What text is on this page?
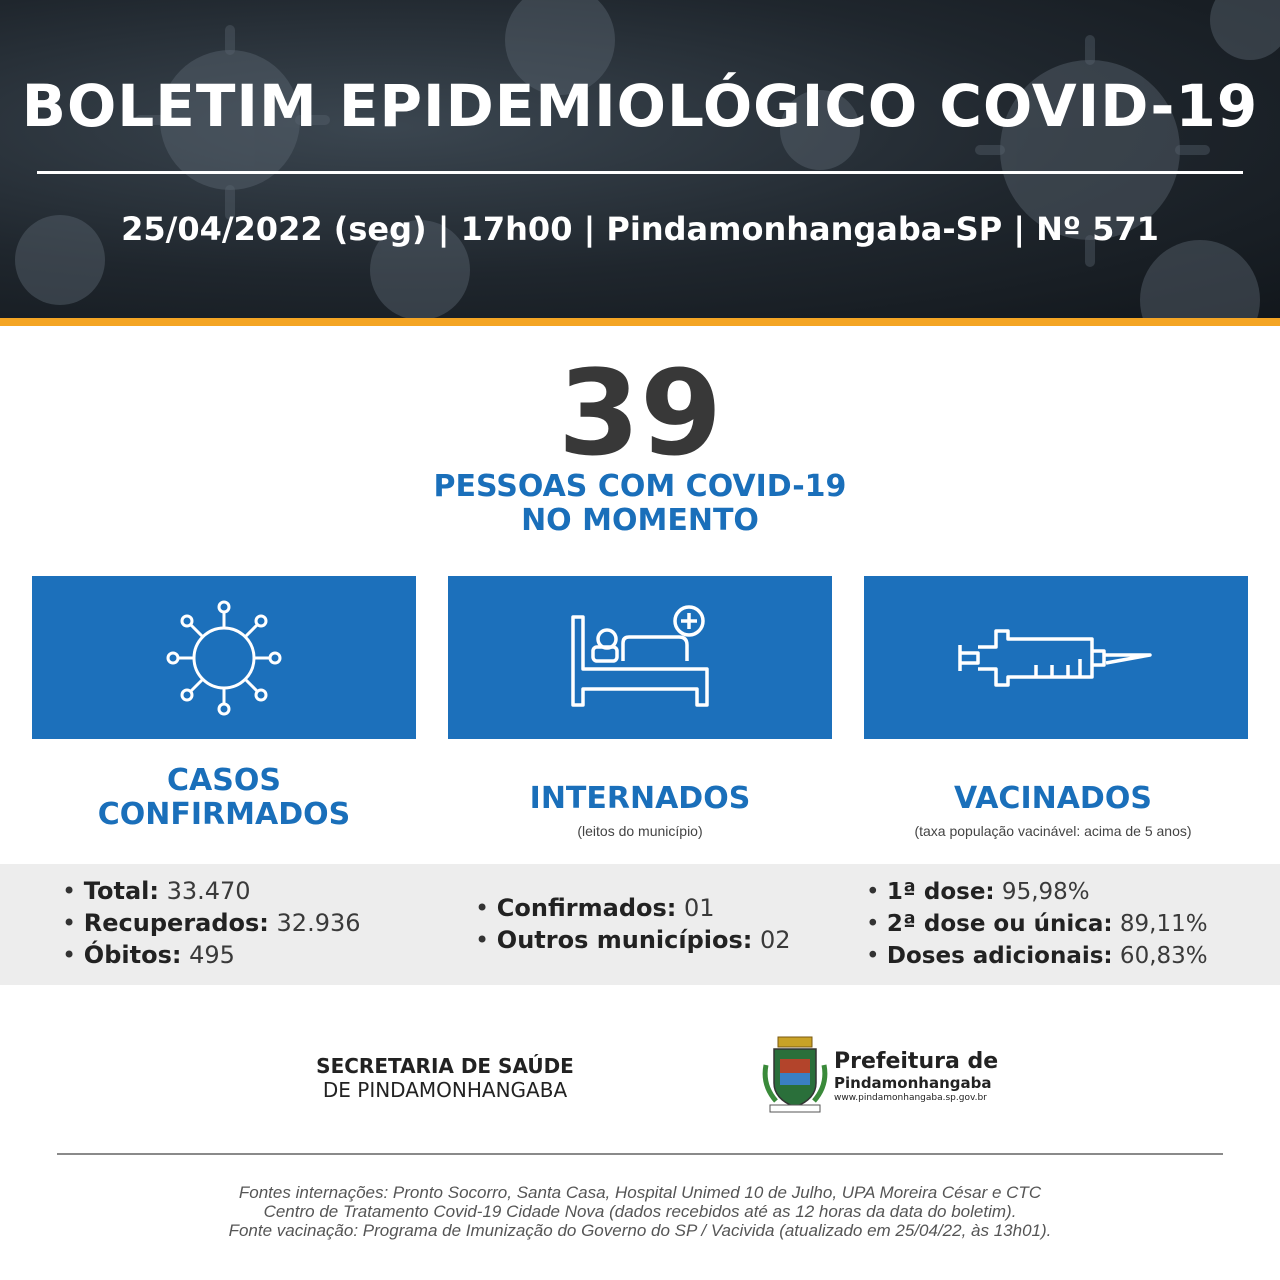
BOLETIM EPIDEMIOLÓGICO COVID-19
25/04/2022 (seg) | 17h00 | Pindamonhangaba-SP | Nº 571
39
PESSOAS COM COVID-19
NO MOMENTO
CASOS
CONFIRMADOS	INTERNADOS
(leitos do município)
VACINADOS
(taxa população vacinável: acima de 5 anos)
• Total: 33.470
• Recuperados: 32.936
• Óbitos: 495
• Confirmados: 01
• Outros municípios: 02
• 1ª dose: 95,98%
• 2ª dose ou única: 89,11%
• Doses adicionais: 60,83%
SECRETARIA DE SAÚDE
DE PINDAMONHANGABA
Prefeitura de
Pindamonhangaba
www.pindamonhangaba.sp.gov.br
Fontes internações: Pronto Socorro, Santa Casa, Hospital Unimed 10 de Julho, UPA Moreira César e CTC
Centro de Tratamento Covid-19 Cidade Nova (dados recebidos até as 12 horas da data do boletim).
Fonte vacinação: Programa de Imunização do Governo do SP / Vacivida (atualizado em 25/04/22, às 13h01).
